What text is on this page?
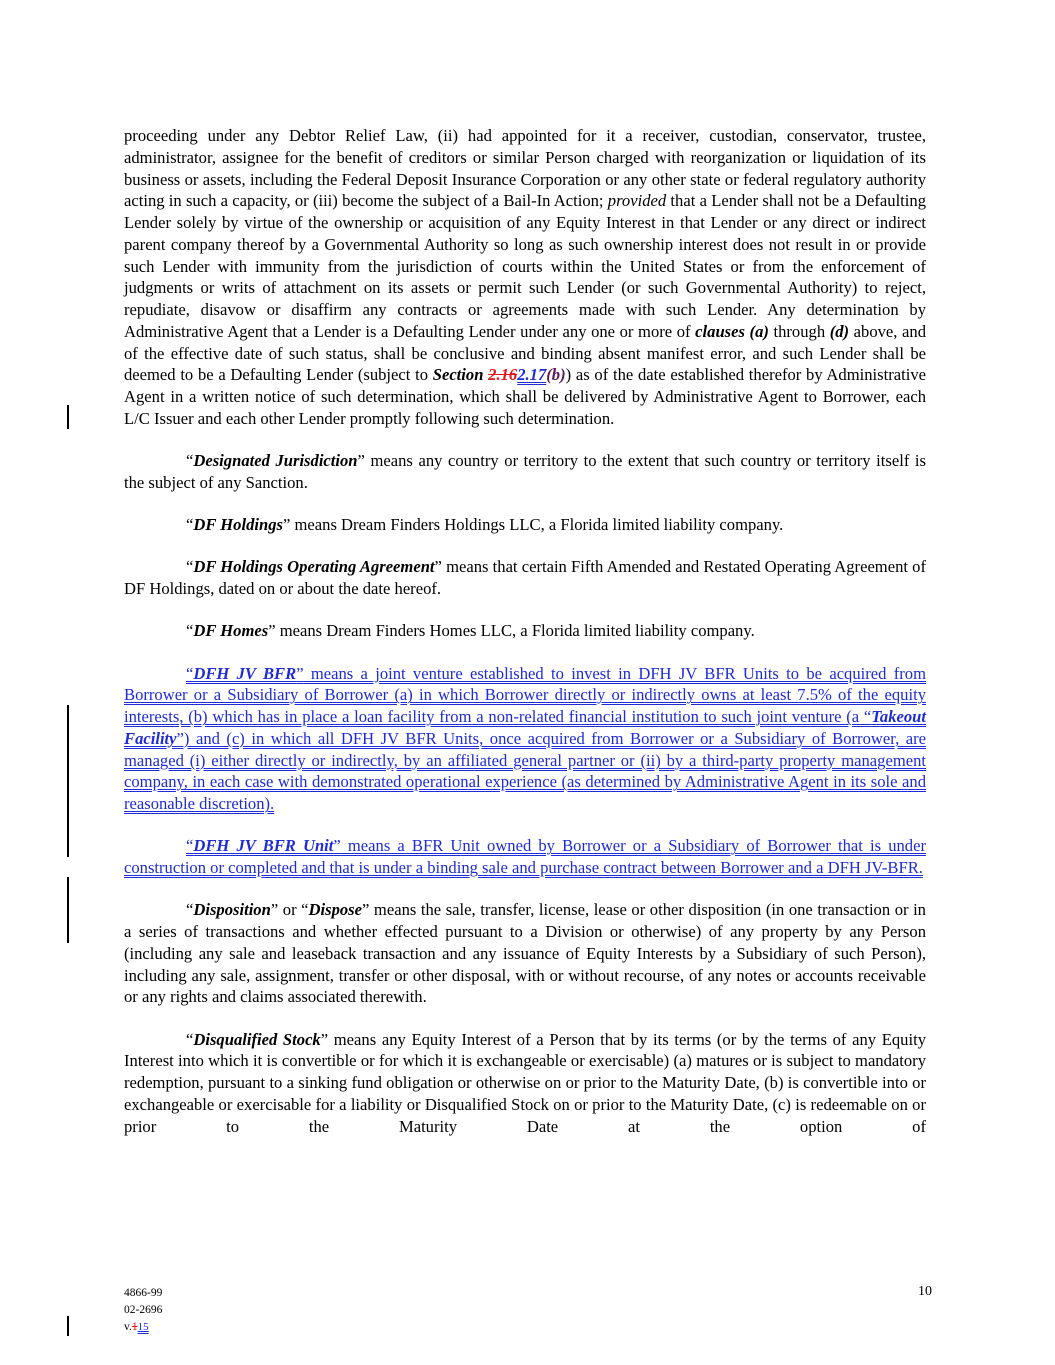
proceeding under any Debtor Relief Law, (ii) had appointed for it a receiver, custodian, conservator, trustee, administrator, assignee for the benefit of creditors or similar Person charged with reorganization or liquidation of its business or assets, including the Federal Deposit Insurance Corporation or any other state or federal regulatory authority acting in such a capacity, or (iii) become the subject of a Bail-In Action; provided that a Lender shall not be a Defaulting Lender solely by virtue of the ownership or acquisition of any Equity Interest in that Lender or any direct or indirect parent company thereof by a Governmental Authority so long as such ownership interest does not result in or provide such Lender with immunity from the jurisdiction of courts within the United States or from the enforcement of judgments or writs of attachment on its assets or permit such Lender (or such Governmental Authority) to reject, repudiate, disavow or disaffirm any contracts or agreements made with such Lender. Any determination by Administrative Agent that a Lender is a Defaulting Lender under any one or more of clauses (a) through (d) above, and of the effective date of such status, shall be conclusive and binding absent manifest error, and such Lender shall be deemed to be a Defaulting Lender (subject to Section 2.162.17(b)) as of the date established therefor by Administrative Agent in a written notice of such determination, which shall be delivered by Administrative Agent to Borrower, each L/C Issuer and each other Lender promptly following such determination.

“Designated Jurisdiction” means any country or territory to the extent that such country or territory itself is the subject of any Sanction.

“DF Holdings” means Dream Finders Holdings LLC, a Florida limited liability company.

“DF Holdings Operating Agreement” means that certain Fifth Amended and Restated Operating Agreement of DF Holdings, dated on or about the date hereof.

“DF Homes” means Dream Finders Homes LLC, a Florida limited liability company.

“DFH JV BFR” means a joint venture established to invest in DFH JV BFR Units to be acquired from Borrower or a Subsidiary of Borrower (a) in which Borrower directly or indirectly owns at least 7.5% of the equity interests, (b) which has in place a loan facility from a non-related financial institution to such joint venture (a “Takeout Facility”) and (c) in which all DFH JV BFR Units, once acquired from Borrower or a Subsidiary of Borrower, are managed (i) either directly or indirectly, by an affiliated general partner or (ii) by a third-party property management company, in each case with demonstrated operational experience (as determined by Administrative Agent in its sole and reasonable discretion).

“DFH JV BFR Unit” means a BFR Unit owned by Borrower or a Subsidiary of Borrower that is under construction or completed and that is under a binding sale and purchase contract between Borrower and a DFH JV-BFR.

“Disposition” or “Dispose” means the sale, transfer, license, lease or other disposition (in one transaction or in a series of transactions and whether effected pursuant to a Division or otherwise) of any property by any Person (including any sale and leaseback transaction and any issuance of Equity Interests by a Subsidiary of such Person), including any sale, assignment, transfer or other disposal, with or without recourse, of any notes or accounts receivable or any rights and claims associated therewith.

“Disqualified Stock” means any Equity Interest of a Person that by its terms (or by the terms of any Equity Interest into which it is convertible or for which it is exchangeable or exercisable) (a) matures or is subject to mandatory redemption, pursuant to a sinking fund obligation or otherwise on or prior to the Maturity Date, (b) is convertible into or exchangeable or exercisable for a liability or Disqualified Stock on or prior to the Maturity Date, (c) is redeemable on or prior to the Maturity Date at the option of

4866-99
02-2696
v.115
10
